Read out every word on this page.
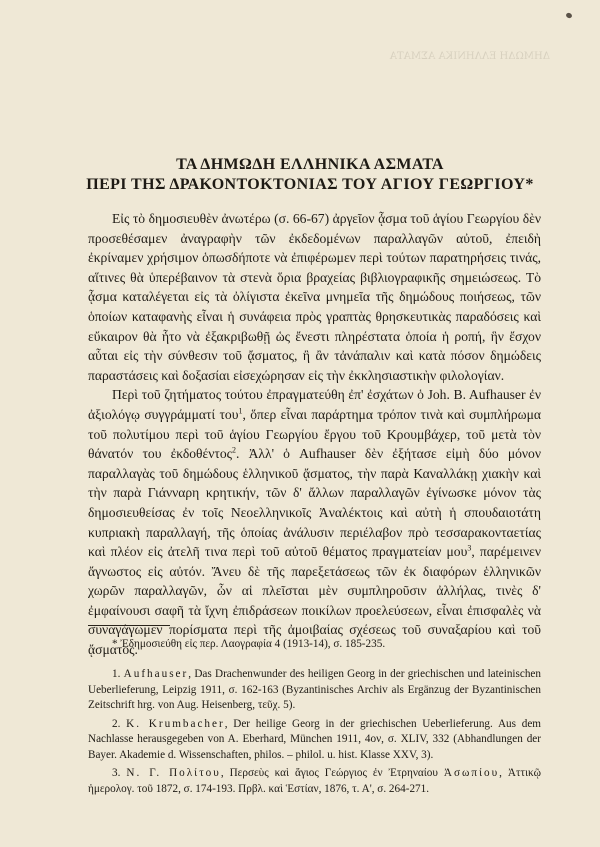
ΔΗΜΩΔΗ ΕΛΛΗΝΙΚΑ ΑΣΜΑΤΑ
ΤΑ ΔΗΜΩΔΗ ΕΛΛΗΝΙΚΑ ΑΣΜΑΤΑ
ΠΕΡΙ ΤΗΣ ΔΡΑΚΟΝΤΟΚΤΟΝΙΑΣ ΤΟΥ ΑΓΙΟΥ ΓΕΩΡΓΙΟΥ*

Εἰς τὸ δημοσιευθὲν ἀνωτέρω (σ. 66-67) ἀργεῖον ᾆσμα τοῦ ἁγίου Γεωργίου δὲν προσεθέσαμεν ἀναγραφὴν τῶν ἐκδεδομένων παραλλαγῶν αὐτοῦ, ἐπειδὴ ἐκρίναμεν χρήσιμον ὁπωσδήποτε νὰ ἐπιφέρωμεν περὶ τούτων παρατηρήσεις τινάς, αἵτινες θὰ ὑπερέβαινον τὰ στενὰ ὅρια βραχείας βιβλιογραφικῆς σημειώσεως. Τὸ ᾆσμα καταλέγεται εἰς τὰ ὀλίγιστα ἐκεῖνα μνημεῖα τῆς δημώδους ποιήσεως, τῶν ὁποίων καταφανὴς εἶναι ἡ συνάφεια πρὸς γραπτὰς θρησκευτικὰς παραδόσεις καὶ εὔκαιρον θὰ ἦτο νὰ ἐξακριβωθῇ ὡς ἔνεστι πληρέστατα ὁποία ἡ ροπή, ἣν ἔσχον αὗται εἰς τὴν σύνθεσιν τοῦ ᾄσματος, ἢ ἂν τἀνάπαλιν καὶ κατὰ πόσον δημώδεις παραστάσεις καὶ δοξασίαι εἰσεχώρησαν εἰς τὴν ἐκκλησιαστικὴν φιλολογίαν.

Περὶ τοῦ ζητήματος τούτου ἐπραγματεύθη ἐπ' ἐσχάτων ὁ Joh. B. Aufhauser ἐν ἀξιολόγῳ συγγράμματί του$^1$, ὅπερ εἶναι παράρτημα τρόπον τινὰ καὶ συμπλήρωμα τοῦ πολυτίμου περὶ τοῦ ἁγίου Γεωργίου ἔργου τοῦ Κρουμβάχερ, τοῦ μετὰ τὸν θάνατόν του ἐκδοθέντος$^2$. Ἀλλ' ὁ Aufhauser δὲν ἐξήτασε εἰμὴ δύο μόνον παραλλαγὰς τοῦ δημώδους ἑλληνικοῦ ᾄσματος, τὴν παρὰ Καναλλάκῃ χιακὴν καὶ τὴν παρὰ Γιάνναρη κρητικήν, τῶν δ' ἄλλων παραλλαγῶν ἐγίνωσκε μόνον τὰς δημοσιευθείσας ἐν τοῖς Νεοελληνικοῖς Ἀναλέκτοις καὶ αὐτὴ ἡ σπουδαιοτάτη κυπριακὴ παραλλαγή, τῆς ὁποίας ἀνάλυσιν περιέλαβον πρὸ τεσσαρακονταετίας καὶ πλέον εἰς ἀτελῆ τινα περὶ τοῦ αὐτοῦ θέματος πραγματείαν μου$^3$, παρέμεινεν ἄγνωστος εἰς αὐτόν. Ἄνευ δὲ τῆς παρεξετάσεως τῶν ἐκ διαφόρων ἑλληνικῶν χωρῶν παραλλαγῶν, ὧν αἱ πλεῖσται μὲν συμπληροῦσιν ἀλλήλας, τινὲς δ' ἐμφαίνουσι σαφῆ τὰ ἴχνη ἐπιδράσεων ποικίλων προελεύσεων, εἶναι ἐπισφαλὲς νὰ συναγάγωμεν πορίσματα περὶ τῆς ἀμοιβαίας σχέσεως τοῦ συναξαρίου καὶ τοῦ ᾄσματος.

* Ἐδημοσιεύθη εἰς περ. Λαογραφία 4 (1913-14), σ. 185-235.

1. Aufhauser, Das Drachenwunder des heiligen Georg in der griechischen und lateinischen Ueberlieferung, Leipzig 1911, σ. 162-163 (Byzantinisches Archiv als Ergänzug der Byzantinischen Zeitschrift hrg. von Aug. Heisenberg, τεῦχ. 5).

2. K. Krumbacher, Der heilige Georg in der griechischen Ueberlieferung. Aus dem Nachlasse herausgegeben von A. Eberhard, München 1911, 4ον, σ. XLIV, 332 (Abhandlungen der Bayer. Akademie d. Wissenschaften, philos. – philol. u. hist. Klasse XXV, 3).

3. Ν. Γ. Πολίτου, Περσεὺς καὶ ἅγιος Γεώργιος ἐν Ἐτρηναίου Ἀσωπίου, Ἀττικῷ ἡμερολογ. τοῦ 1872, σ. 174-193. Πρβλ. καὶ Ἑστίαν, 1876, τ. Α', σ. 264-271.
